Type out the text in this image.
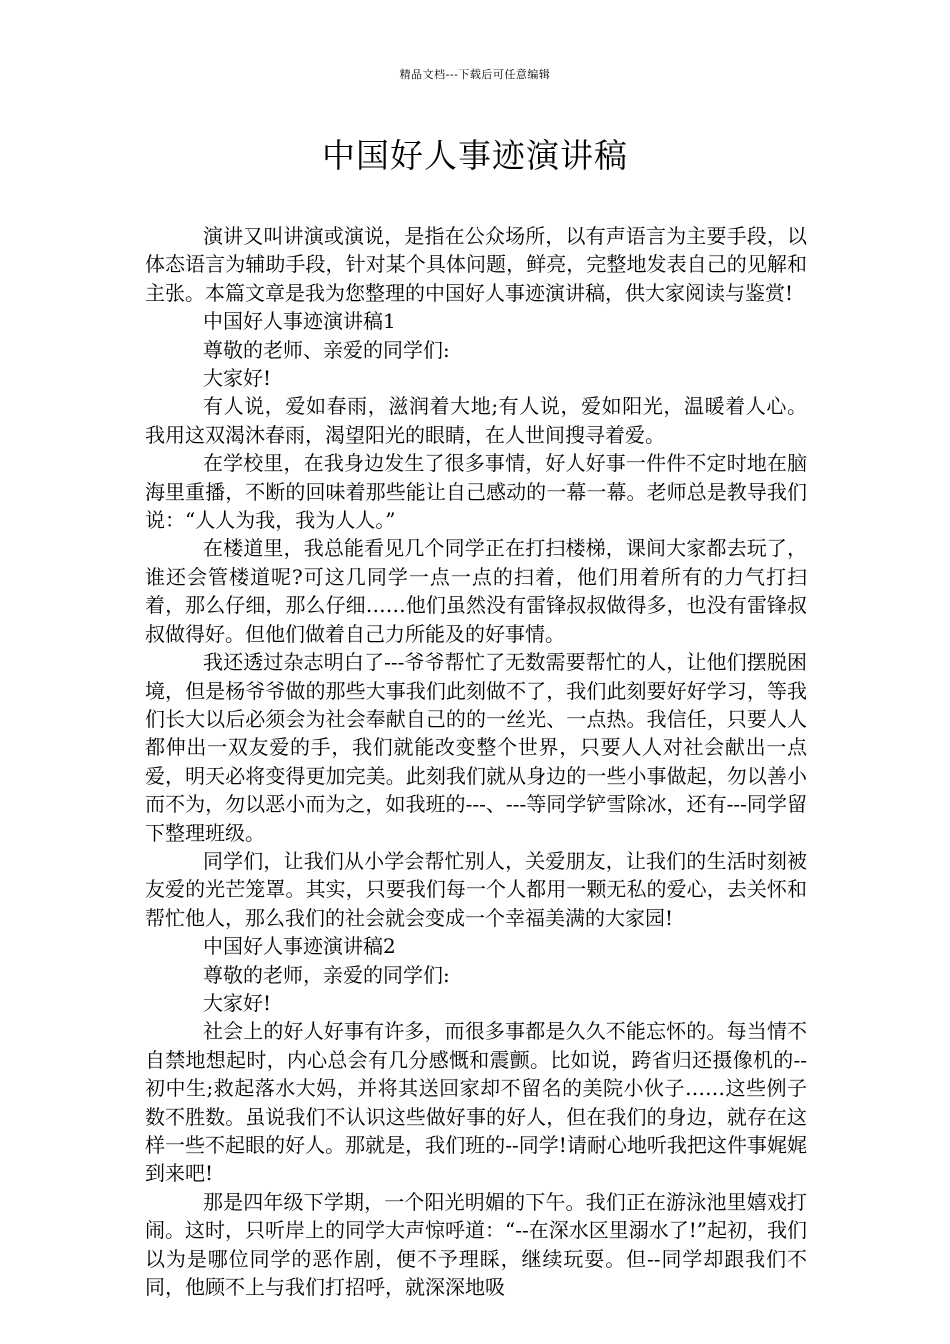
精品文档---下载后可任意编辑
中国好人事迹演讲稿

演讲又叫讲演或演说，是指在公众场所，以有声语言为主要手段，以体态语言为辅助手段，针对某个具体问题，鲜亮，完整地发表自己的见解和主张。本篇文章是我为您整理的中国好人事迹演讲稿，供大家阅读与鉴赏!

中国好人事迹演讲稿1

尊敬的老师、亲爱的同学们:

大家好!

有人说，爱如春雨，滋润着大地;有人说，爱如阳光，温暖着人心。我用这双渴沐春雨，渴望阳光的眼睛，在人世间搜寻着爱。

在学校里，在我身边发生了很多事情，好人好事一件件不定时地在脑海里重播，不断的回味着那些能让自己感动的一幕一幕。老师总是教导我们说：“人人为我，我为人人。”

在楼道里，我总能看见几个同学正在打扫楼梯，课间大家都去玩了，谁还会管楼道呢?可这几同学一点一点的扫着，他们用着所有的力气打扫着，那么仔细，那么仔细……他们虽然没有雷锋叔叔做得多，也没有雷锋叔叔做得好。但他们做着自己力所能及的好事情。

我还透过杂志明白了---爷爷帮忙了无数需要帮忙的人，让他们摆脱困境，但是杨爷爷做的那些大事我们此刻做不了，我们此刻要好好学习，等我们长大以后必须会为社会奉献自己的的一丝光、一点热。我信任，只要人人都伸出一双友爱的手，我们就能改变整个世界，只要人人对社会献出一点爱，明天必将变得更加完美。此刻我们就从身边的一些小事做起，勿以善小而不为，勿以恶小而为之，如我班的---、---等同学铲雪除冰，还有---同学留下整理班级。

同学们，让我们从小学会帮忙别人，关爱朋友，让我们的生活时刻被友爱的光芒笼罩。其实，只要我们每一个人都用一颗无私的爱心，去关怀和帮忙他人，那么我们的社会就会变成一个幸福美满的大家园!

中国好人事迹演讲稿2

尊敬的老师，亲爱的同学们:

大家好!

社会上的好人好事有许多，而很多事都是久久不能忘怀的。每当情不自禁地想起时，内心总会有几分感慨和震颤。比如说，跨省归还摄像机的--初中生;救起落水大妈，并将其送回家却不留名的美院小伙子……这些例子数不胜数。虽说我们不认识这些做好事的好人，但在我们的身边，就存在这样一些不起眼的好人。那就是，我们班的--同学!请耐心地听我把这件事娓娓到来吧!

那是四年级下学期，一个阳光明媚的下午。我们正在游泳池里嬉戏打闹。这时，只听岸上的同学大声惊呼道：“--在深水区里溺水了!”起初，我们以为是哪位同学的恶作剧，便不予理睬，继续玩耍。但--同学却跟我们不同，他顾不上与我们打招呼，就深深地吸
